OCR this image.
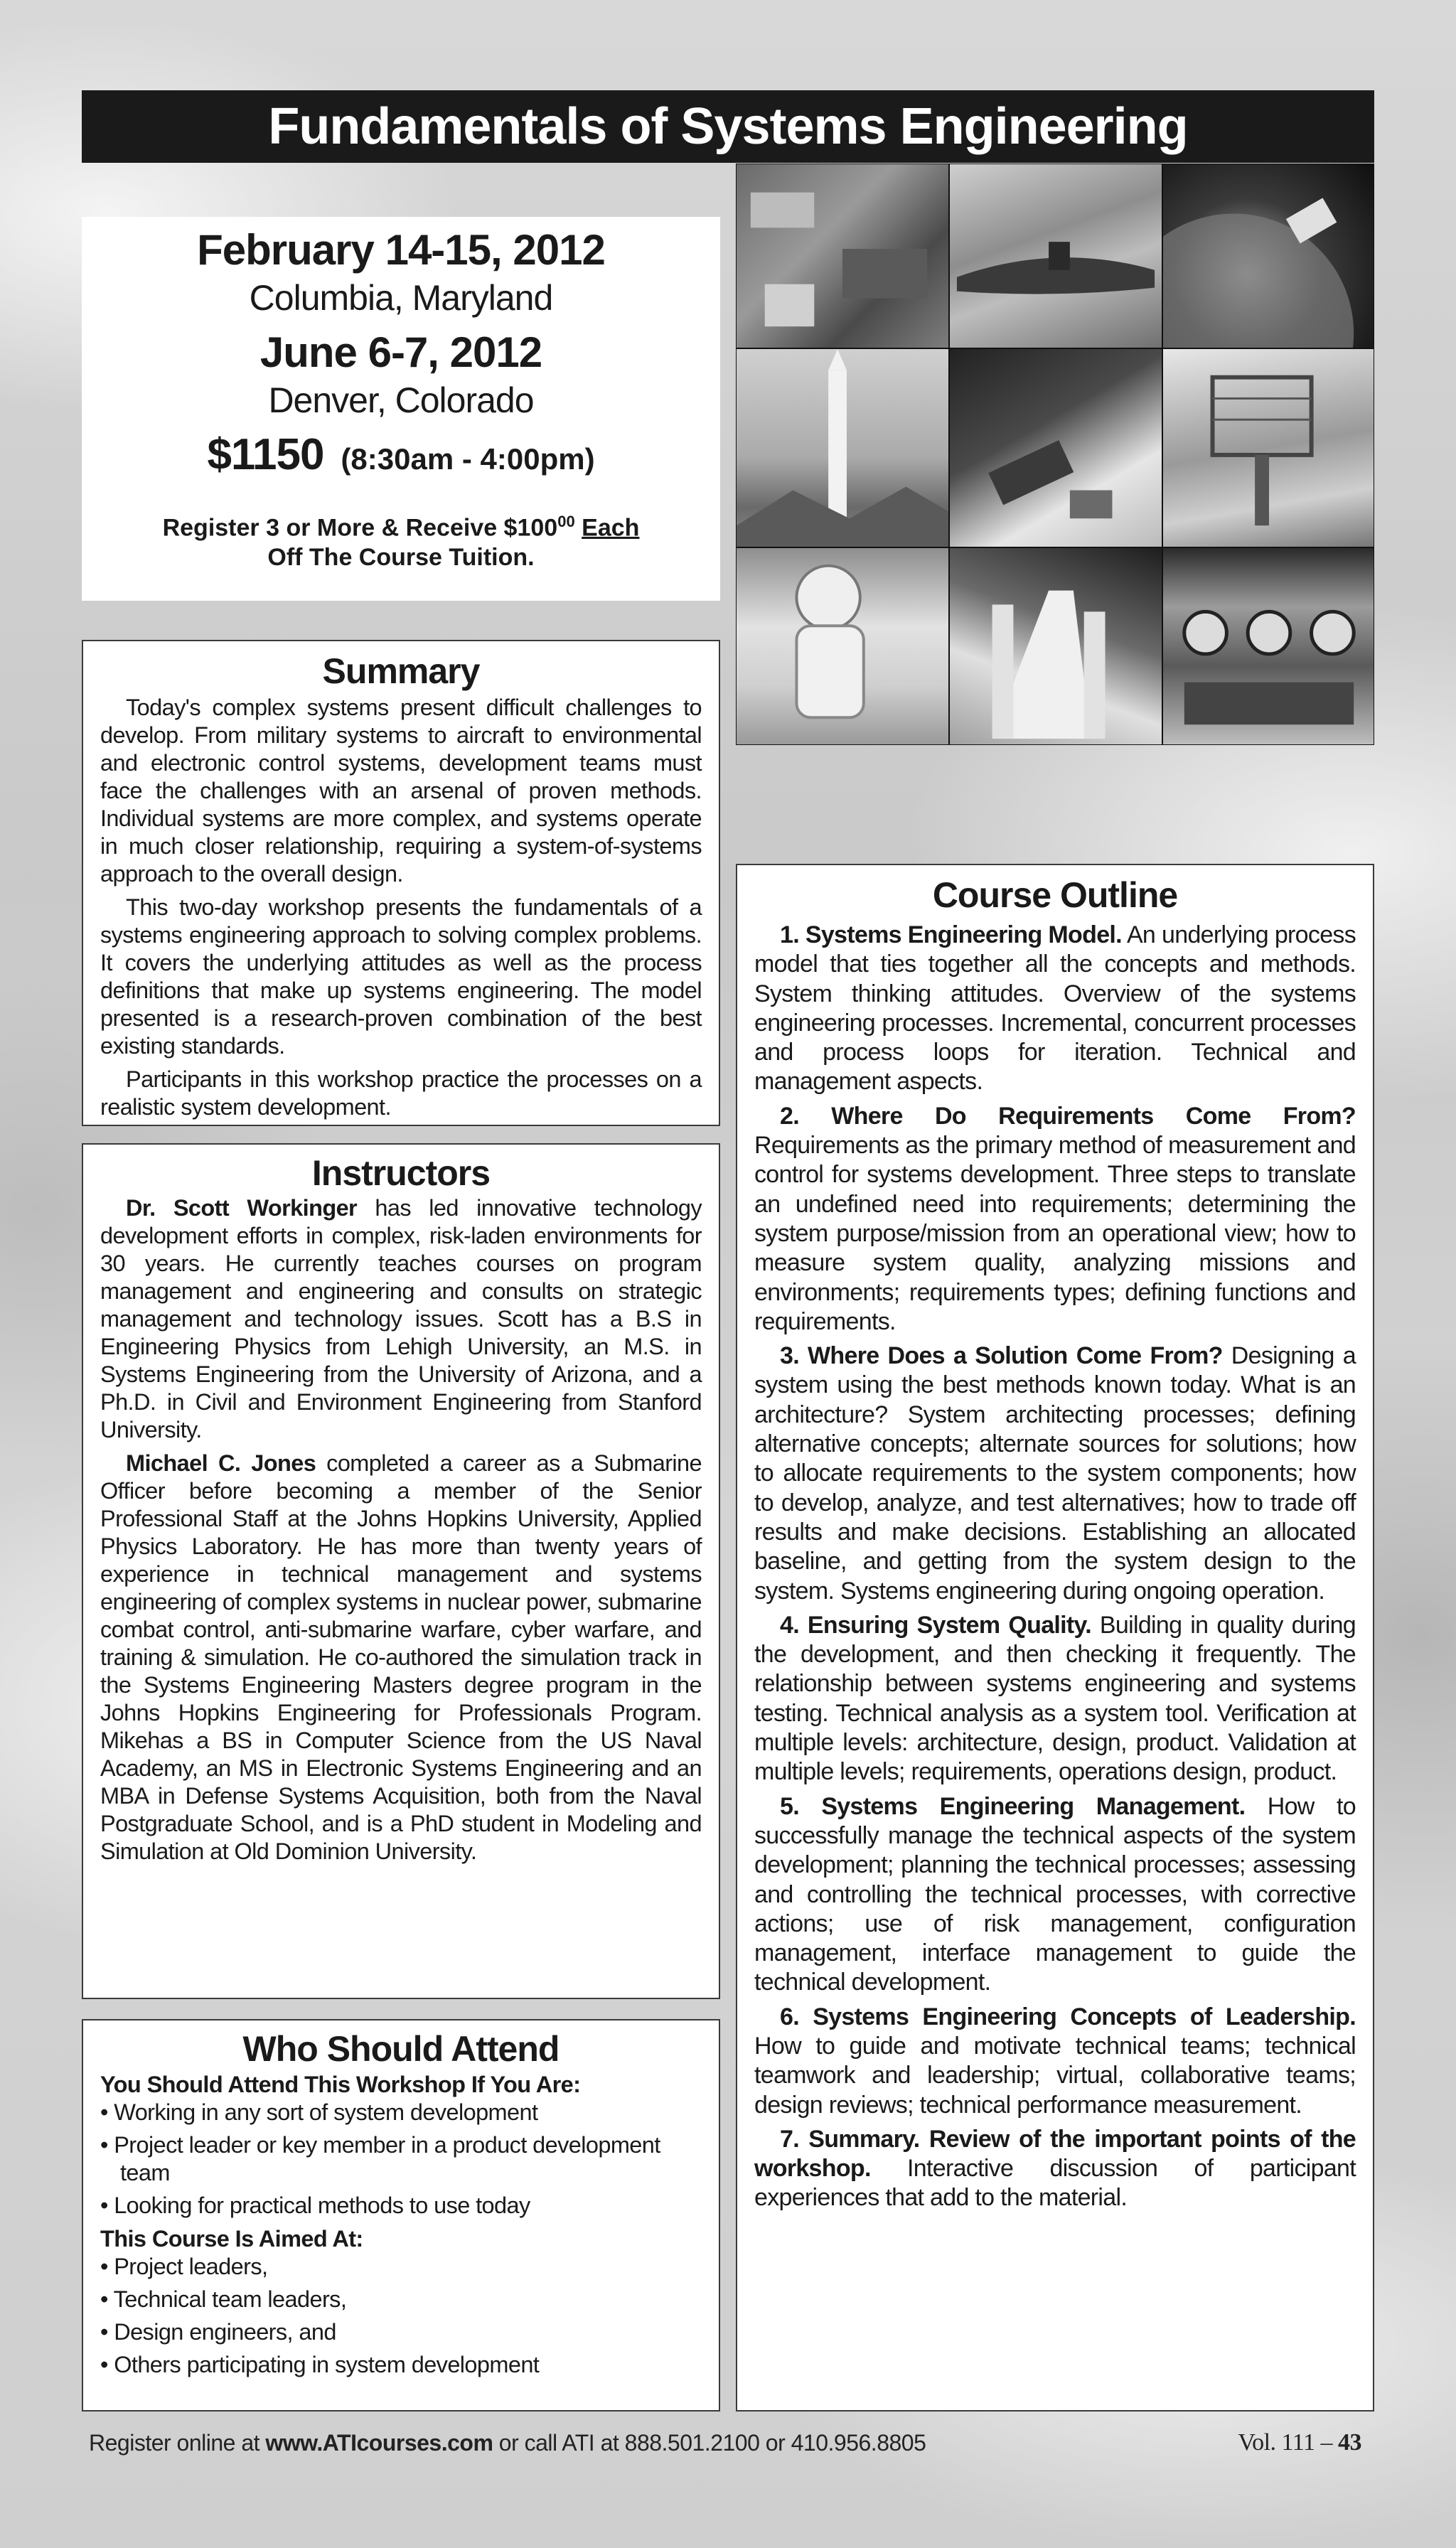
Fundamentals of Systems Engineering
February 14-15, 2012
Columbia, Maryland
June 6-7, 2012
Denver, Colorado
$1150 (8:30am - 4:00pm)
Register 3 or More & Receive $\$100^{00}$ Each
Off The Course Tuition.
Summary

Today's complex systems present difficult challenges to develop. From military systems to aircraft to environmental and electronic control systems, development teams must face the challenges with an arsenal of proven methods. Individual systems are more complex, and systems operate in much closer relationship, requiring a system-of-systems approach to the overall design.

This two-day workshop presents the fundamentals of a systems engineering approach to solving complex problems. It covers the underlying attitudes as well as the process definitions that make up systems engineering. The model presented is a research-proven combination of the best existing standards.

Participants in this workshop practice the processes on a realistic system development.

Instructors

Dr. Scott Workinger has led innovative technology development efforts in complex, risk-laden environments for 30 years. He currently teaches courses on program management and engineering and consults on strategic management and technology issues. Scott has a B.S in Engineering Physics from Lehigh University, an M.S. in Systems Engineering from the University of Arizona, and a Ph.D. in Civil and Environment Engineering from Stanford University.

Michael C. Jones completed a career as a Submarine Officer before becoming a member of the Senior Professional Staff at the Johns Hopkins University, Applied Physics Laboratory. He has more than twenty years of experience in technical management and systems engineering of complex systems in nuclear power, submarine combat control, anti-submarine warfare, cyber warfare, and training & simulation. He co-authored the simulation track in the Systems Engineering Masters degree program in the Johns Hopkins Engineering for Professionals Program. Mikehas a BS in Computer Science from the US Naval Academy, an MS in Electronic Systems Engineering and an MBA in Defense Systems Acquisition, both from the Naval Postgraduate School, and is a PhD student in Modeling and Simulation at Old Dominion University.

Who Should Attend
You Should Attend This Workshop If You Are:
• Working in any sort of system development
• Project leader or key member in a product development team
• Looking for practical methods to use today
This Course Is Aimed At:
• Project leaders,
• Technical team leaders,
• Design engineers, and
• Others participating in system development
Course Outline

1. Systems Engineering Model. An underlying process model that ties together all the concepts and methods. System thinking attitudes. Overview of the systems engineering processes. Incremental, concurrent processes and process loops for iteration. Technical and management aspects.

2. Where Do Requirements Come From? Requirements as the primary method of measurement and control for systems development. Three steps to translate an undefined need into requirements; determining the system purpose/mission from an operational view; how to measure system quality, analyzing missions and environments; requirements types; defining functions and requirements.

3. Where Does a Solution Come From? Designing a system using the best methods known today. What is an architecture? System architecting processes; defining alternative concepts; alternate sources for solutions; how to allocate requirements to the system components; how to develop, analyze, and test alternatives; how to trade off results and make decisions. Establishing an allocated baseline, and getting from the system design to the system. Systems engineering during ongoing operation.

4. Ensuring System Quality. Building in quality during the development, and then checking it frequently. The relationship between systems engineering and systems testing. Technical analysis as a system tool. Verification at multiple levels: architecture, design, product. Validation at multiple levels; requirements, operations design, product.

5. Systems Engineering Management. How to successfully manage the technical aspects of the system development; planning the technical processes; assessing and controlling the technical processes, with corrective actions; use of risk management, configuration management, interface management to guide the technical development.

6. Systems Engineering Concepts of Leadership. How to guide and motivate technical teams; technical teamwork and leadership; virtual, collaborative teams; design reviews; technical performance measurement.

7. Summary. Review of the important points of the workshop. Interactive discussion of participant experiences that add to the material.

Register online at www.ATIcourses.com or call ATI at 888.501.2100 or 410.956.8805	Vol. 111 – 43
